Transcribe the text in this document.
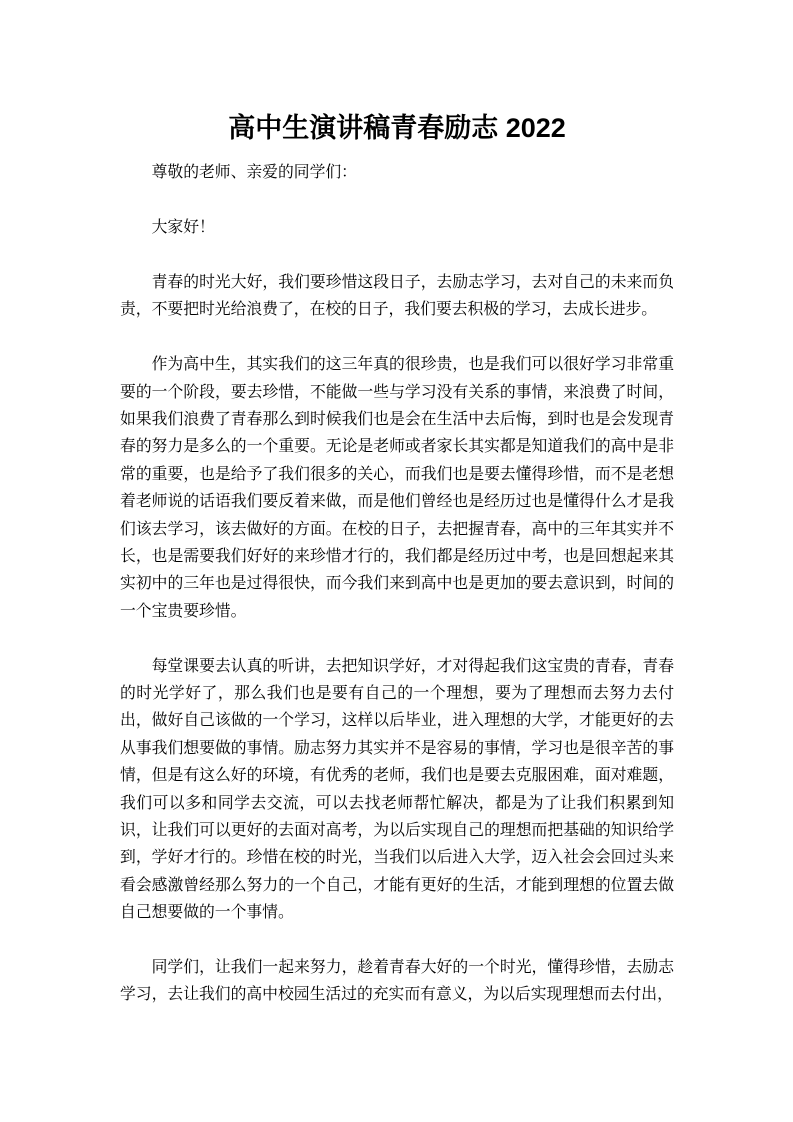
高中生演讲稿青春励志 2022

尊敬的老师、亲爱的同学们：

大家好！

青春的时光大好，我们要珍惜这段日子，去励志学习，去对自己的未来而负责，不要把时光给浪费了，在校的日子，我们要去积极的学习，去成长进步。

作为高中生，其实我们的这三年真的很珍贵，也是我们可以很好学习非常重要的一个阶段，要去珍惜，不能做一些与学习没有关系的事情，来浪费了时间，如果我们浪费了青春那么到时候我们也是会在生活中去后悔，到时也是会发现青春的努力是多么的一个重要。无论是老师或者家长其实都是知道我们的高中是非常的重要，也是给予了我们很多的关心，而我们也是要去懂得珍惜，而不是老想着老师说的话语我们要反着来做，而是他们曾经也是经历过也是懂得什么才是我们该去学习，该去做好的方面。在校的日子，去把握青春，高中的三年其实并不长，也是需要我们好好的来珍惜才行的，我们都是经历过中考，也是回想起来其实初中的三年也是过得很快，而今我们来到高中也是更加的要去意识到，时间的一个宝贵要珍惜。

每堂课要去认真的听讲，去把知识学好，才对得起我们这宝贵的青春，青春的时光学好了，那么我们也是要有自己的一个理想，要为了理想而去努力去付出，做好自己该做的一个学习，这样以后毕业，进入理想的大学，才能更好的去从事我们想要做的事情。励志努力其实并不是容易的事情，学习也是很辛苦的事情，但是有这么好的环境，有优秀的老师，我们也是要去克服困难，面对难题，我们可以多和同学去交流，可以去找老师帮忙解决，都是为了让我们积累到知识，让我们可以更好的去面对高考，为以后实现自己的理想而把基础的知识给学到，学好才行的。珍惜在校的时光，当我们以后进入大学，迈入社会会回过头来看会感激曾经那么努力的一个自己，才能有更好的生活，才能到理想的位置去做自己想要做的一个事情。

同学们，让我们一起来努力，趁着青春大好的一个时光，懂得珍惜，去励志学习，去让我们的高中校园生活过的充实而有意义，为以后实现理想而去付出，
